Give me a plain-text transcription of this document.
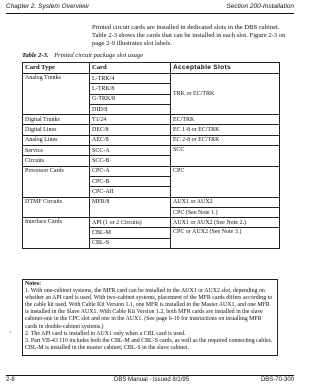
Chapter 2. System Overview	Section 200-Installation
Printed circuit cards are installed in dedicated slots in the DBS cabinet. Table 2-3 shows the cards that can be installed in each slot. Figure 2-3 on page 2-9 illustrates slot labels.
Table 2-3. Printed circuit package slot usage
Card Type	Card	Acceptable Slots
Analog Trunks	L-TRK/4	TRK or EC/TRK
	L-TRK/8	
	G-TRK/8	
	DID/8	
Digital Trunks	T1/24	EC/TRK
Digital Lines	DEC/8	EC 1-8 or EC/TRK
Analog Lines	AEC/8	EC 2-8 or EC/TRK
Service	SCC-A	SCC
Circuits	SCC-B	
Processor Cards	CPC-A	CPC
	CPC-B	
	CPC-AII	
DTMF Circuits	MFR/8	AUX1 or AUX2
		CPC (See Note 1.)
Interface Cards	API (1 or 2 Circuits)	AUX1 or AUX2 (See Note 2.)
	CBL-M	CPC or AUX2 (See Note 3.)
	CBL-S	

Notes:

1. With one-cabinet systems, the MFR card can be installed in the AUX1 or AUX2 slot, depending on whether an API card is used. With two-cabinet systems, placement of the MFR cards differs according to the cable kit used. With Cable Kit Version 1.1, one MFR is installed in the Master AUX1, and one MFR is installed in the Slave AUX1. With Cable Kit Version 1.2, both MFR cards are installed in the slave cabinet-one in the CPC slot and one in the AUX1. (See page 6-10 for instructions on installing MFR cards in double-cabinet systems.)

2. The API card is installed in AUX1 only when a CBL card is used.

3. Part VB-43 110 includes both the CBL-M and CBL-S cards, as well as the required connecting cables. CBL-M is installed in the master cabinet; CBL-S in the slave cabinet.

,
2-8	DBS Manual - Issued 8/1/95	DBS-70-300
